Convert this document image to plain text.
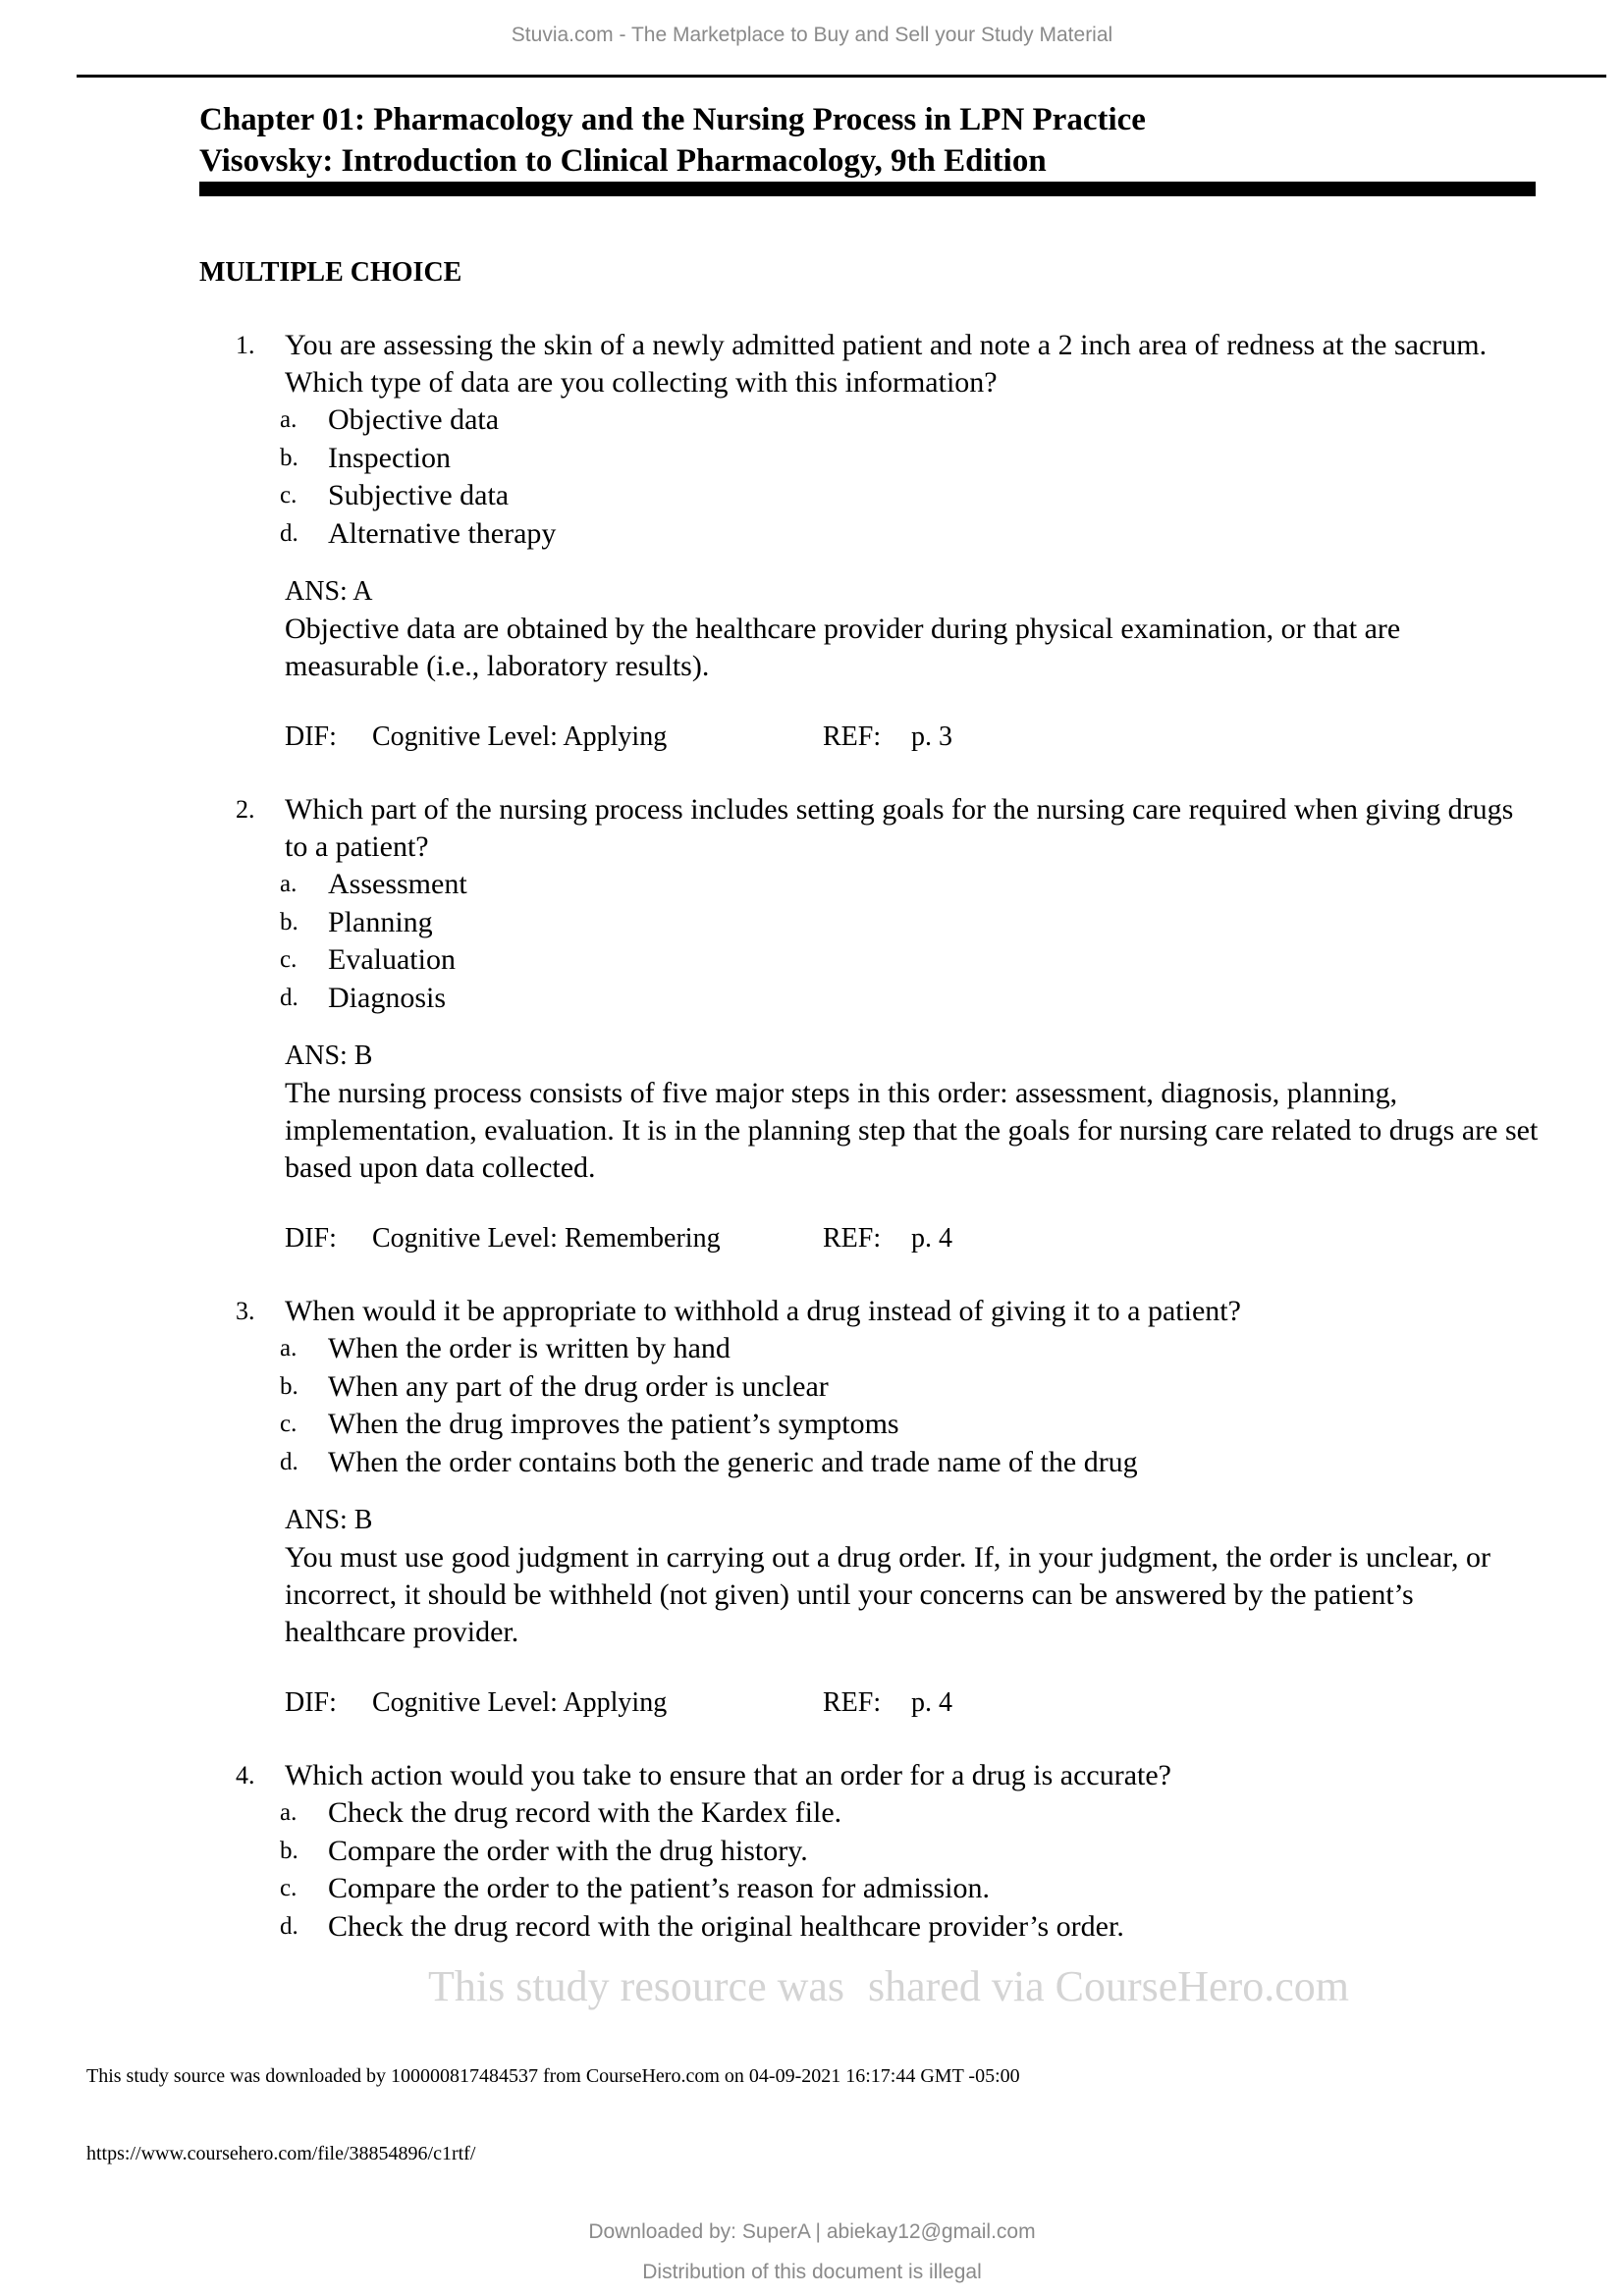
Stuvia.com - The Marketplace to Buy and Sell your Study Material
Chapter 01: Pharmacology and the Nursing Process in LPN Practice
Visovsky: Introduction to Clinical Pharmacology, 9th Edition
MULTIPLE CHOICE
1. You are assessing the skin of a newly admitted patient and note a 2 inch area of redness at the sacrum. Which type of data are you collecting with this information?
a.	Objective data
b.	Inspection
c.	Subjective data
d.	Alternative therapy
ANS: A
Objective data are obtained by the healthcare provider during physical examination, or that are measurable (i.e., laboratory results).
DIF:	Cognitive Level: Applying	REF:	p. 3
2. Which part of the nursing process includes setting goals for the nursing care required when giving drugs to a patient?
a.	Assessment
b.	Planning
c.	Evaluation
d.	Diagnosis
ANS: B
The nursing process consists of five major steps in this order: assessment, diagnosis, planning, implementation, evaluation. It is in the planning step that the goals for nursing care related to drugs are set based upon data collected.
DIF:	Cognitive Level: Remembering	REF:	p. 4
3. When would it be appropriate to withhold a drug instead of giving it to a patient?
a.	When the order is written by hand
b.	When any part of the drug order is unclear
c.	When the drug improves the patient’s symptoms
d.	When the order contains both the generic and trade name of the drug
ANS: B
You must use good judgment in carrying out a drug order. If, in your judgment, the order is unclear, or incorrect, it should be withheld (not given) until your concerns can be answered by the patient’s healthcare provider.
DIF:	Cognitive Level: Applying	REF:	p. 4
4. Which action would you take to ensure that an order for a drug is accurate?
a.	Check the drug record with the Kardex file.
b.	Compare the order with the drug history.
c.	Compare the order to the patient’s reason for admission.
d.	Check the drug record with the original healthcare provider’s order.
This study resource was shared via CourseHero.com
This study source was downloaded by 100000817484537 from CourseHero.com on 04-09-2021 16:17:44 GMT -05:00
https://www.coursehero.com/file/38854896/c1rtf/
Downloaded by: SuperA | abiekay12@gmail.com
Distribution of this document is illegal
